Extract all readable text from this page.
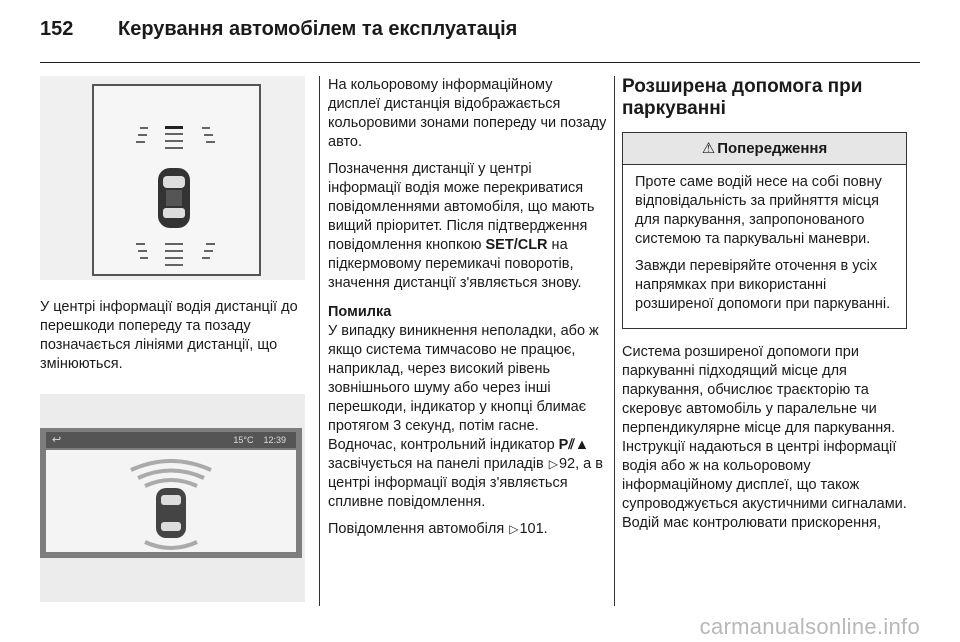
152	Керування автомобілем та експлуатація

У центрі інформації водія дистанції до перешкоди попереду та позаду позначається лініями дистанції, що змінюються.

↩	15°C 12:39

На кольоровому інформаційному дисплеї дистанція відображається кольоровими зонами попереду чи позаду авто.

Позначення дистанції у центрі інформації водія може перекриватися повідомленнями автомобіля, що мають вищий пріоритет. Після підтвердження повідомлення кнопкою SET/CLR на підкермовому перемикачі поворотів, значення дистанції з'являється знову.

Помилка

У випадку виникнення неполадки, або ж якщо система тимчасово не працює, наприклад, через високий рівень зовнішнього шуму або через інші перешкоди, індикатор у кнопці блимає протягом 3 секунд, потім гасне. Водночас, контрольний індикатор P⫽▲ засвічується на панелі приладів ▷92, а в центрі інформації водія з'являється спливне повідомлення.

Повідомлення автомобіля ▷101.

Розширена допомога при паркуванні
⚠ Попередження

Проте саме водій несе на собі повну відповідальність за прийняття місця для паркування, запропонованого системою та паркувальні маневри.

Завжди перевіряйте оточення в усіх напрямках при використанні розширеної допомоги при паркуванні.

Система розширеної допомоги при паркуванні підходящий місце для паркування, обчислює траєкторію та скеровує автомобіль у паралельне чи перпендикулярне місце для паркування. Інструкції надаються в центрі інформації водія або ж на кольоровому інформаційному дисплеї, що також супроводжується акустичними сигналами. Водій має контролювати прискорення,

carmanualsonline.info
